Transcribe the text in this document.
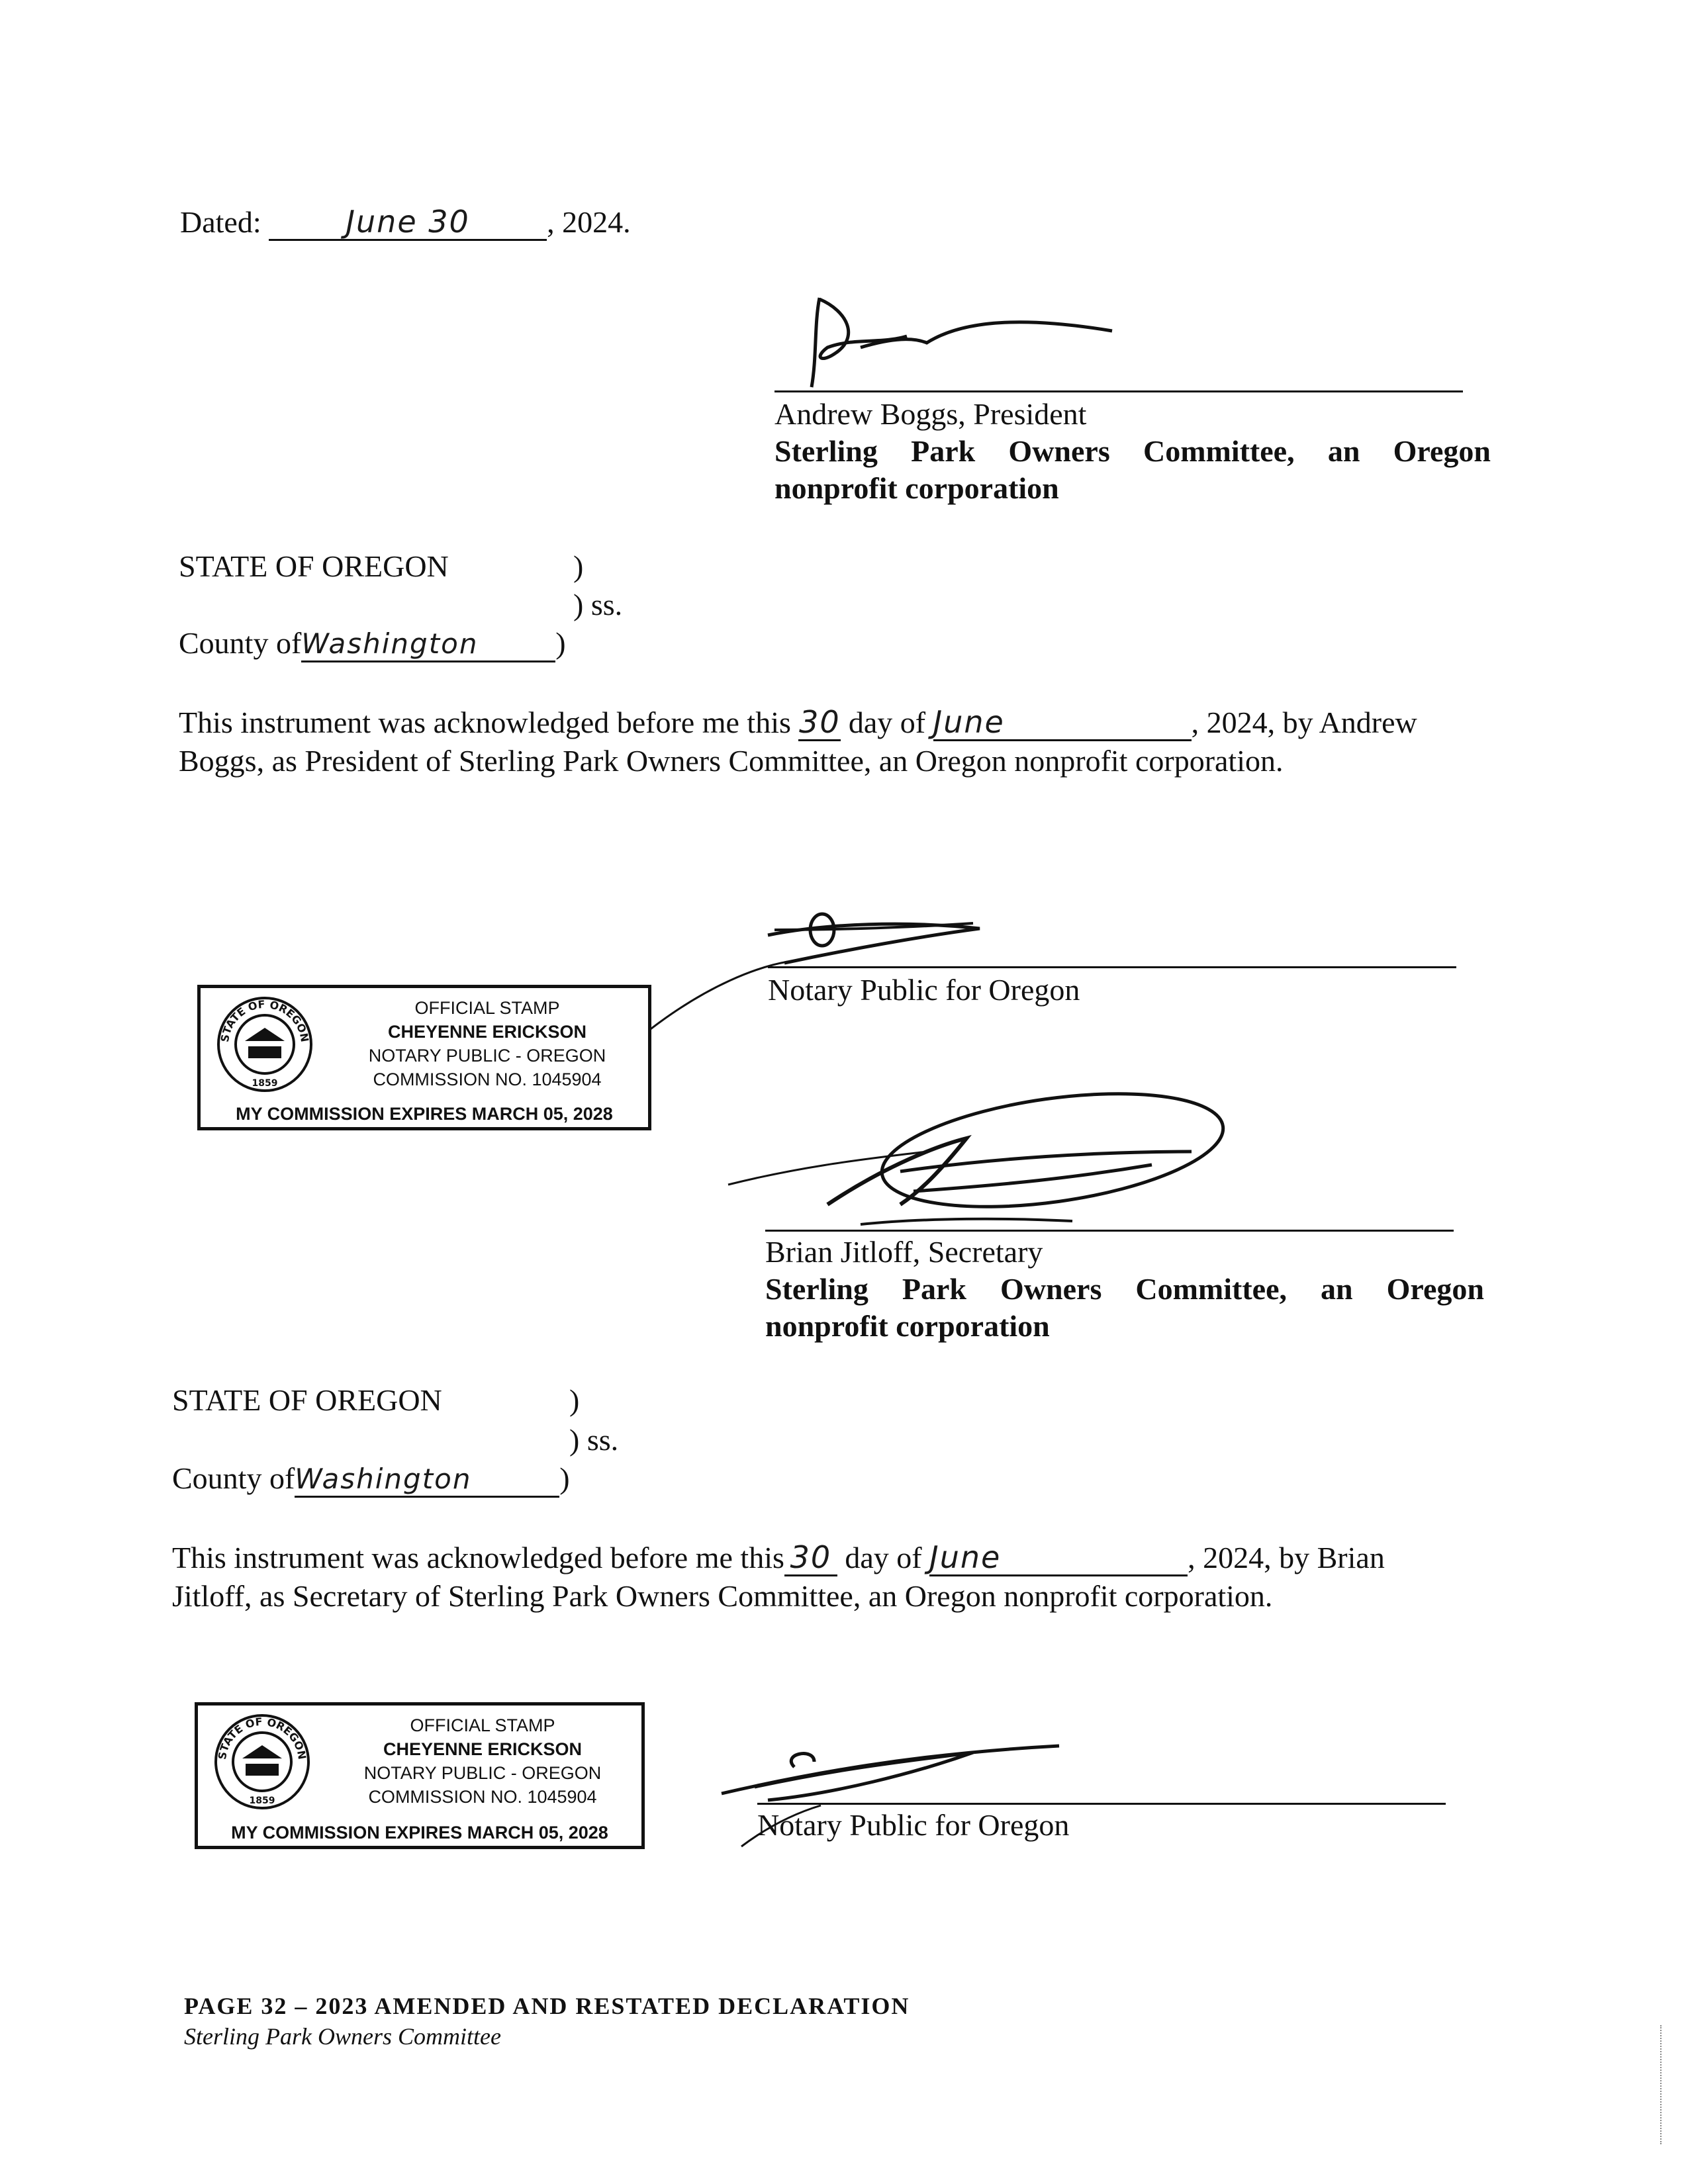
Dated:	June 30	, 2024.
Andrew Boggs, President
Sterling Park Owners Committee, an Oregon
nonprofit corporation
STATE OF OREGON	)
) ss.
County ofWashington	)
This instrument was acknowledged before me this 30 day of June	, 2024, by Andrew
Boggs, as President of Sterling Park Owners Committee, an Oregon nonprofit corporation.
Notary Public for Oregon
STATE OF OREGON
1859
OFFICIAL STAMP
CHEYENNE ERICKSON
NOTARY PUBLIC - OREGON
COMMISSION NO. 1045904
MY COMMISSION EXPIRES MARCH 05, 2028
Brian Jitloff, Secretary
Sterling Park Owners Committee, an Oregon
nonprofit corporation
STATE OF OREGON	)
) ss.
County ofWashington	)
This instrument was acknowledged before me this 30 day of June	, 2024, by Brian
Jitloff, as Secretary of Sterling Park Owners Committee, an Oregon nonprofit corporation.
STATE OF OREGON
1859
OFFICIAL STAMP
CHEYENNE ERICKSON
NOTARY PUBLIC - OREGON
COMMISSION NO. 1045904
MY COMMISSION EXPIRES MARCH 05, 2028	Notary Public for Oregon
PAGE 32 – 2023 AMENDED AND RESTATED DECLARATION
Sterling Park Owners Committee
